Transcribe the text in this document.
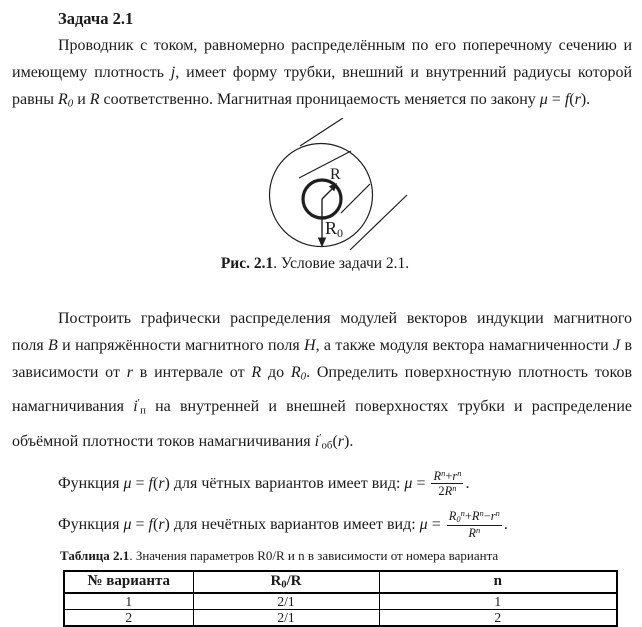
Задача 2.1

Проводник с током, равномерно распределённым по его поперечному сечению и имеющему плотность j, имеет форму трубки, внешний и внутренний радиусы которой равны $R_0$ и R соответственно. Магнитная проницаемость меняется по закону μ = f(r).

R
R0
Рис. 2.1. Условие задачи 2.1.

Построить графически распределения модулей векторов индукции магнитного поля B и напряжённости магнитного поля H, а также модуля вектора намагниченности J в зависимости от r в интервале от R до $R_0$. Определить поверхностную плотность токов намагничивания $i'_п$ на внутренней и внешней поверхностях трубки и распределение объёмной плотности токов намагничивания $i'_{об}(r)$.

Функция μ = f(r) для чётных вариантов имеет вид: $\mu = \frac{R^n+r^n}{2R^n}$ .
Функция μ = f(r) для нечётных вариантов имеет вид: $\mu = \frac{R_0^n+R^n-r^n}{R^n}$ .
Таблица 2.1. Значения параметров R0/R и n в зависимости от номера варианта
№ варианта	$R_0/R$	n
1	2/1	1
2	2/1	2
